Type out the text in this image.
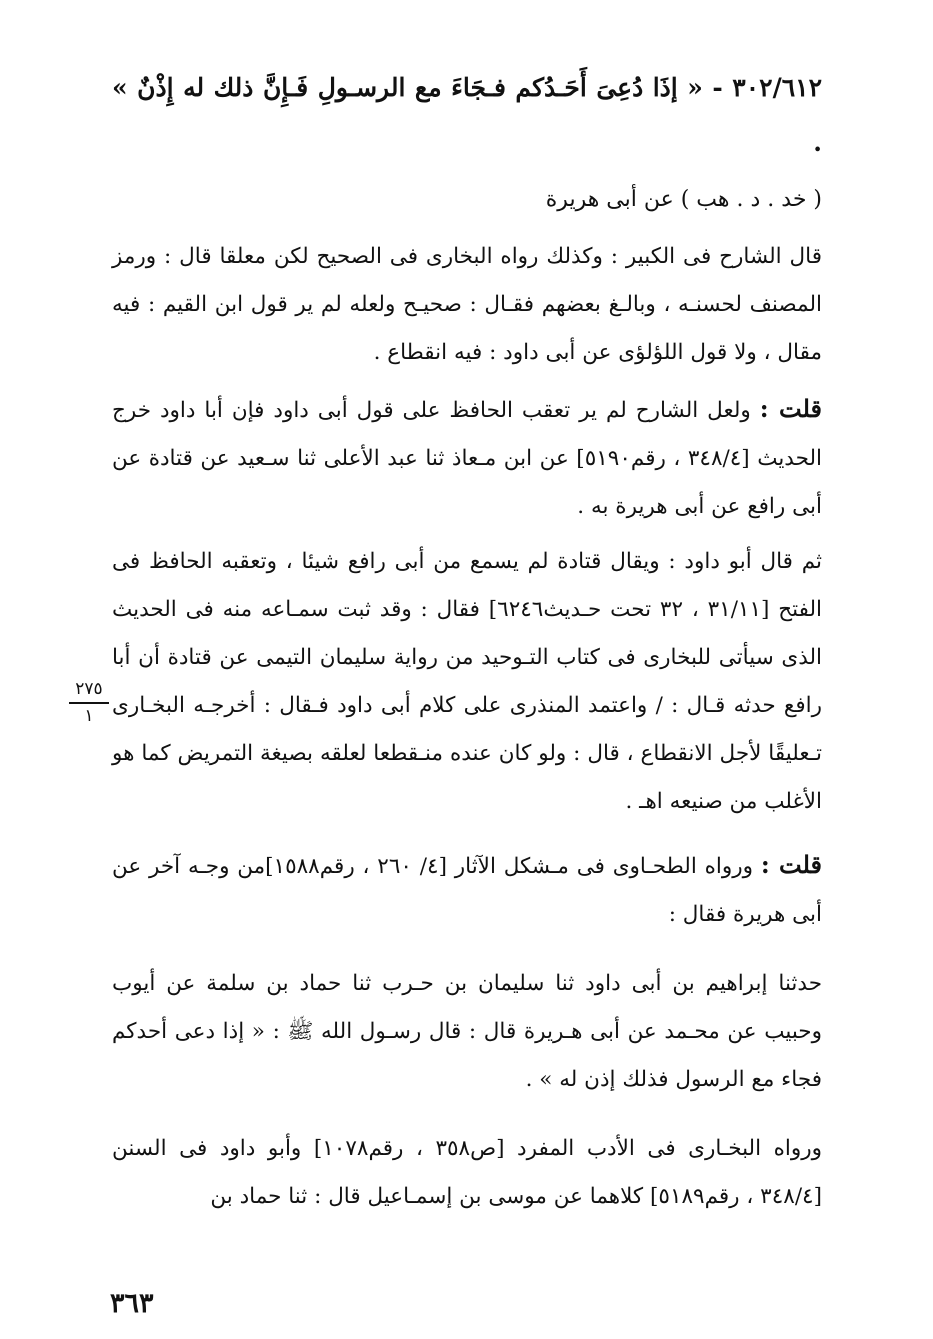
٣٠٢/٦١٢ - « إذَا دُعِىَ أَحَـدُكم فـجَاءَ مع الرسـولِ فَـإِنَّ ذلك له إِذْنٌ » .
( خد . د . هب ) عن أبى هريرة
قال الشارح فى الكبير : وكذلك رواه البخارى فى الصحيح لكن معلقا قال : ورمز المصنف لحسنـه ، وبالـغ بعضهم فقـال : صحيـح ولعله لم ير قول ابن القيم : فيه مقال ، ولا قول اللؤلؤى عن أبى داود : فيه انقطاع .
قلت : ولعل الشارح لم ير تعقب الحافظ على قول أبى داود فإن أبا داود خرج الحديث [٣٤٨/٤ ، رقم٥١٩٠] عن ابن مـعاذ ثنا عبد الأعلى ثنا سـعيد عن قتادة عن أبى رافع عن أبى هريرة به .
ثم قال أبو داود : ويقال قتادة لم يسمع من أبى رافع شيئا ، وتعقبه الحافظ فى الفتح [٣١/١١ ، ٣٢ تحت حـديث٦٢٤٦] فقال : وقد ثبت سمـاعه منه فى الحديث الذى سيأتى للبخارى فى كتاب التـوحيد من رواية سليمان التيمى عن قتادة أن أبا رافع حدثه قـال : / واعتمد المنذرى على كلام أبى داود فـقال : أخرجـه البخـارى تـعليقًا لأجل الانقطاع ، قال : ولو كان عنده منـقطعا لعلقه بصيغة التمريض كما هو الأغلب من صنيعه اهـ .
٢٧٥
١
قلت : ورواه الطحـاوى فى مـشكل الآثار [٤/ ٢٦٠ ، رقم١٥٨٨]من وجـه آخر عن أبى هريرة فقال :
حدثنا إبراهيم بن أبى داود ثنا سليمان بن حـرب ثنا حماد بن سلمة عن أيوب وحبيب عن محـمد عن أبى هـريرة قال : قال رسـول الله ﷺ : « إذا دعى أحدكم فجاء مع الرسول فذلك إذن له » .
ورواه البخـارى فى الأدب المفرد [ص٣٥٨ ، رقم١٠٧٨] وأبو داود فى السنن [٣٤٨/٤ ، رقم٥١٨٩] كلاهما عن موسى بن إسمـاعيل قال : ثنا حماد بن
٣٦٣
